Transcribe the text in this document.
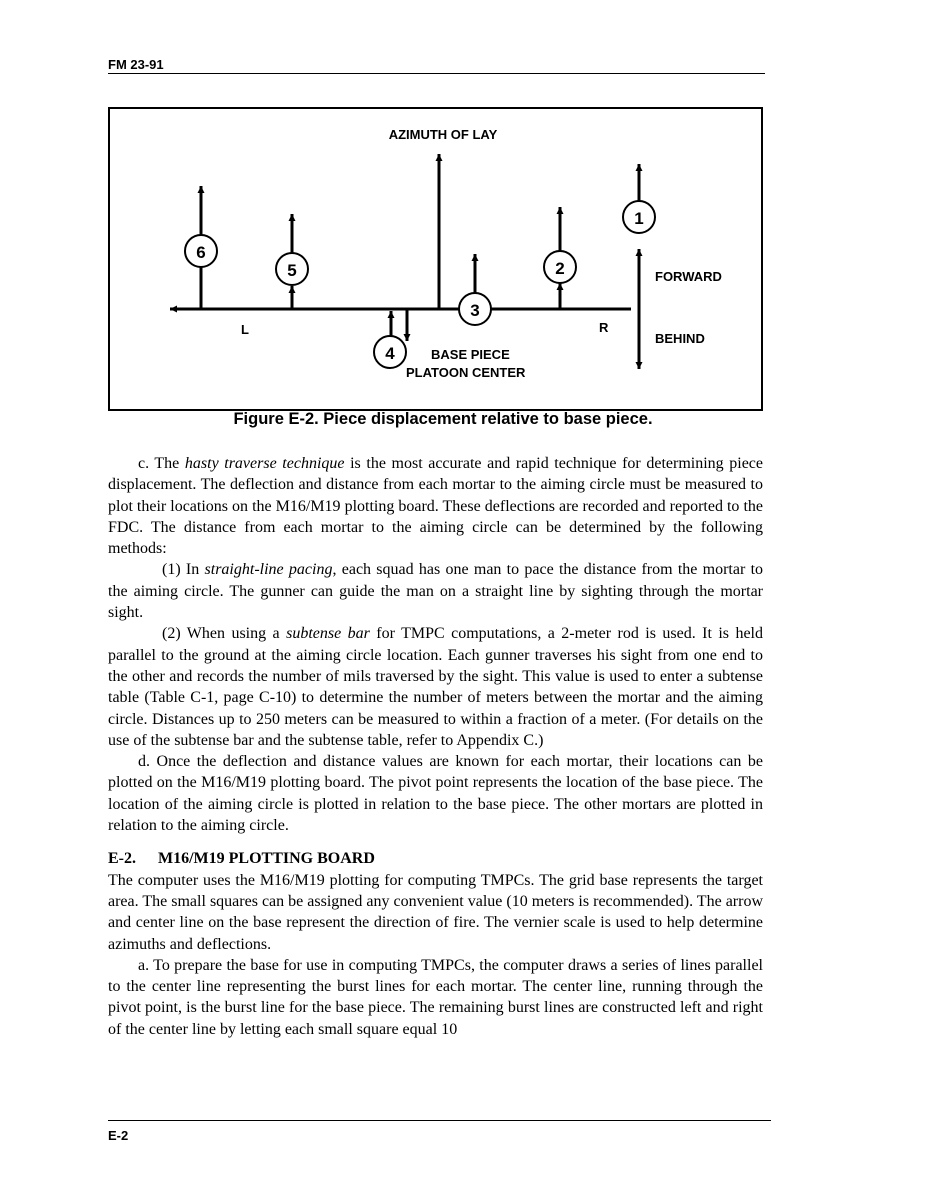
FM 23-91
AZIMUTH OF LAY
FORWARD
BEHIND
L	R
BASE PIECE
PLATOON CENTER
1
2
3
4
5
6
Figure E-2. Piece displacement relative to base piece.

c. The hasty traverse technique is the most accurate and rapid technique for determining piece displacement. The deflection and distance from each mortar to the aiming circle must be measured to plot their locations on the M16/M19 plotting board. These deflections are recorded and reported to the FDC. The distance from each mortar to the aiming circle can be determined by the following methods:

(1) In straight-line pacing, each squad has one man to pace the distance from the mortar to the aiming circle. The gunner can guide the man on a straight line by sighting through the mortar sight.

(2) When using a subtense bar for TMPC computations, a 2-meter rod is used. It is held parallel to the ground at the aiming circle location. Each gunner traverses his sight from one end to the other and records the number of mils traversed by the sight. This value is used to enter a subtense table (Table C-1, page C-10) to determine the number of meters between the mortar and the aiming circle. Distances up to 250 meters can be measured to within a fraction of a meter. (For details on the use of the subtense bar and the subtense table, refer to Appendix C.)

d. Once the deflection and distance values are known for each mortar, their locations can be plotted on the M16/M19 plotting board. The pivot point represents the location of the base piece. The location of the aiming circle is plotted in relation to the base piece. The other mortars are plotted in relation to the aiming circle.

E-2. M16/M19 PLOTTING BOARD

The computer uses the M16/M19 plotting for computing TMPCs. The grid base represents the target area. The small squares can be assigned any convenient value (10 meters is recommended). The arrow and center line on the base represent the direction of fire. The vernier scale is used to help determine azimuths and deflections.

a. To prepare the base for use in computing TMPCs, the computer draws a series of lines parallel to the center line representing the burst lines for each mortar. The center line, running through the pivot point, is the burst line for the base piece. The remaining burst lines are constructed left and right of the center line by letting each small square equal 10

E-2
